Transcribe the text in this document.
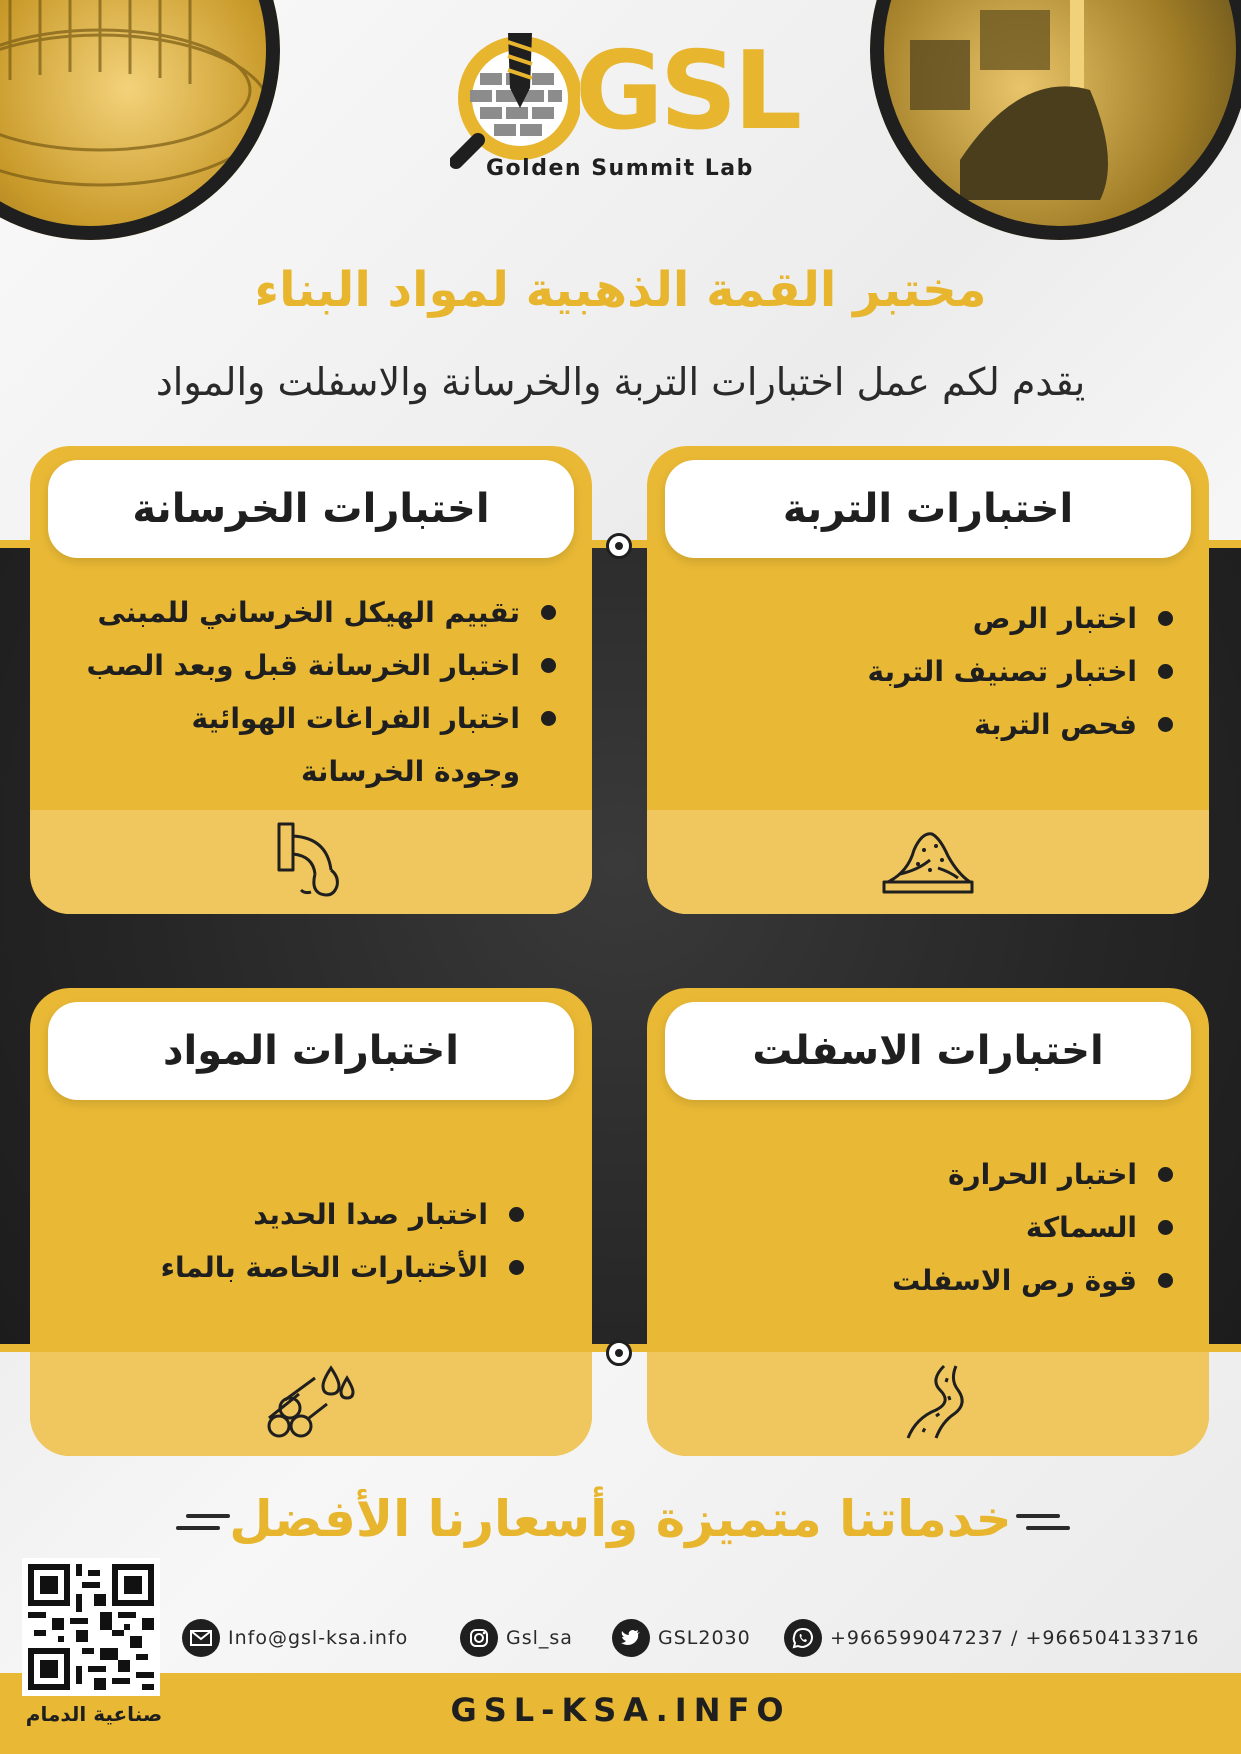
GSL
Golden Summit Lab
مختبر القمة الذهبية لمواد البناء
يقدم لكم عمل اختبارات التربة والخرسانة والاسفلت والمواد
اختبارات التربة
اختبار الرص
اختبار تصنيف التربة
فحص التربة
اختبارات الخرسانة
تقييم الهيكل الخرساني للمبنى
اختبار الخرسانة قبل وبعد الصب
اختبار الفراغات الهوائية
وجودة الخرسانة
اختبارات الاسفلت
اختبار الحرارة
السماكة
قوة رص الاسفلت
اختبارات المواد
اختبار صدا الحديد
الأختبارات الخاصة بالماء
خدماتنا متميزة وأسعارنا الأفضل
Info@gsl-ksa.info	Gsl_sa	GSL2030	+966599047237 / +966504133716
GSL-KSA.INFO
صناعية الدمام
